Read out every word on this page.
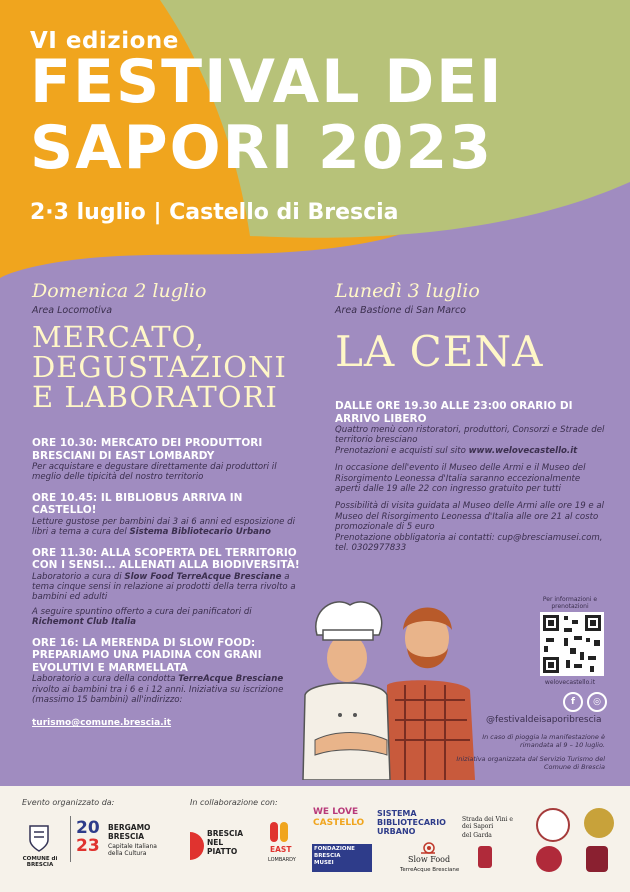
VI edizione
FESTIVAL DEI
SAPORI 2023
2·3 luglio | Castello di Brescia
Domenica 2 luglio
Area Locomotiva
MERCATO,
DEGUSTAZIONI
E LABORATORI
ORE 10.30: MERCATO DEI PRODUTTORI BRESCIANI DI EAST LOMBARDY
Per acquistare e degustare direttamente dai produttori il meglio delle tipicità del nostro territorio
ORE 10.45: IL BIBLIOBUS ARRIVA IN CASTELLO!
Letture gustose per bambini dai 3 ai 6 anni ed esposizione di libri a tema a cura del Sistema Bibliotecario Urbano
ORE 11.30: ALLA SCOPERTA DEL TERRITORIO CON I SENSI... ALLENATI ALLA BIODIVERSITÀ!
Laboratorio a cura di Slow Food TerreAcque Bresciane a tema cinque sensi in relazione ai prodotti della terra rivolto a bambini ed adulti
A seguire spuntino offerto a cura dei panificatori di Richemont Club Italia
ORE 16: LA MERENDA DI SLOW FOOD: PREPARIAMO UNA PIADINA CON GRANI EVOLUTIVI E MARMELLATA
Laboratorio a cura della condotta TerreAcque Bresciane rivolto ai bambini tra i 6 e i 12 anni. Iniziativa su iscrizione (massimo 15 bambini) all'indirizzo:
turismo@comune.brescia.it
Lunedì 3 luglio
Area Bastione di San Marco
LA CENA
DALLE ORE 19.30 ALLE 23:00 ORARIO DI ARRIVO LIBERO
Quattro menù con ristoratori, produttori, Consorzi e Strade del territorio bresciano
Prenotazioni e acquisti sul sito www.welovecastello.it
In occasione dell'evento il Museo delle Armi e il Museo del Risorgimento Leonessa d'Italia saranno eccezionalmente aperti dalle 19 alle 22 con ingresso gratuito per tutti
Possibilità di visita guidata al Museo delle Armi alle ore 19 e al Museo del Risorgimento Leonessa d'Italia alle ore 21 al costo promozionale di 5 euro
Prenotazione obbligatoria ai contatti: cup@bresciamusei.com, tel. 0302977833
Per informazioni e prenotazioni
welovecastello.it
f	◎
@festivaldeisaporibrescia
In caso di pioggia la manifestazione è rimandata al 9 – 10 luglio.
Iniziativa organizzata dal Servizio Turismo del Comune di Brescia
Evento organizzato da:	In collaborazione con:
COMUNE di BRESCIA
20
23
BERGAMO
BRESCIA
Capitale Italiana della Cultura
BRESCIA
NEL
PIATTO	EAST
LOMBARDY
WE LOVE
CASTELLO
FONDAZIONE
BRESCIA
MUSEI
SISTEMA
BIBLIOTECARIO
URBANO
Slow Food
TerreAcque Bresciane
Strada dei Vini e dei Sapori
del Garda
